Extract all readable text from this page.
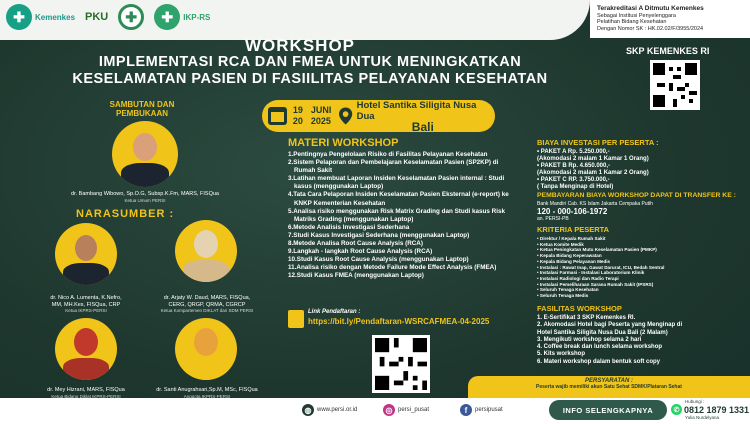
✚	Kemenkes PKU	✚	✚	IKP-RS
Terakreditasi A Ditmutu Kemenkes
Sebagai Institusi Penyelenggara
Pelatihan Bidang Kesehatan
Dengan Nomor SK : HK.02.02/F/3955/2024
WORKSHOP
IMPLEMENTASI RCA DAN FMEA UNTUK MENINGKATKAN
KESELAMATAN PASIEN DI FASIILITAS PELAYANAN KESEHATAN
SKP KEMENKES RI
SAMBUTAN DAN
PEMBUKAAN
dr. Bambang Wibowo, Sp.O.G, Subsp.K.Fm, MARS, FISQua
Ketua Umum PERSI
NARASUMBER :
dr. Nico A. Lumenta, K.Nefro,
MM, MH.Kes, FISQua, CRP
Ketua IKPRS-PERSI
dr. Arjaty W. Daud, MARS, FISQua,
CERG, QRGP, QRMA, CGRCP
Ketua Kompartemen DIKLAT dan SDM PERSI
dr. Mey Hizrani, MARS, FISQua
Ketua Bidang Diklat IKPRS-PERSI
dr. Santi Anugrahsari,Sp.M, MSc, FISQua
Anggota IKPRS-PERSI
19
20
JUNI
2025
Hotel Santika Siligita Nusa Dua
Bali
MATERI WORKSHOP
1.Pentingnya Pengelolaan Risiko di Fasilitas Pelayanan Kesehatan
2.Sistem Pelaporan dan Pembelajaran Keselamatan Pasien (SP2KP) di
Rumah Sakit
3.Latihan membuat Laporan Insiden Keselamatan Pasien internal : Studi
kasus (menggunakan Laptop)
4.Tata Cara Pelaporan Insiden Keselamatan Pasien Eksternal (e-report) ke
KNKP Kementerian Kesehatan
5.Analisa risiko menggunakan Risk Matrix Grading dan Studi kasus Risk
Matriks Grading (menggunakan Laptop)
6.Metode Analisis Investigasi Sederhana
7.Studi Kasus Investigasi Sederhana (menggunakan Laptop)
8.Metode Analisa Root Cause Analysis (RCA)
9.Langkah - langkah Root Cause Analysis (RCA)
10.Studi Kasus Root Cause Analysis (menggunakan Laptop)
11.Analisa risiko dengan Metode Failure Mode Effect Analysis (FMEA)
12.Studi Kasus FMEA (menggunakan Laptop)
Link Pendaftaran :
https://bit.ly/Pendaftaran-WSRCAFMEA-04-2025
BIAYA INVESTASI PER PESERTA :
• PAKET A Rp. 5.250.000,-
(Akomodasi 2 malam 1 Kamar 1 Orang)
• PAKET B Rp. 4.650.000,-
(Akomodasi 2 malam 1 Kamar 2 Orang)
• PAKET C RP. 3.750.000,-
( Tanpa Menginap di Hotel)
PEMBAYARAN BIAYA WORKSHOP DAPAT DI TRANSFER KE :
Bank Mandiri Cab. KS Islam Jakarta Cempaka Putih
120 - 000-106-1972
an. PERSI-PB
KRITERIA PESERTA
• Direktur / Kepala Rumah Sakit
• Ketua Komite Medik
• Ketua Peningkatan Mutu Keselamatan Pasien (PMKP)
• Kepala Bidang Keperawatan
• Kepala Bidang Pelayanan Medis
• Instalasi : Rawat Inap, Gawat Darurat, ICU, Bedah Sentral
• Instalasi Farmasi - Instalasi Laboratorium Klinik
• Instalasi Radiologi dan Radio Terapi
• Instalasi Pemeliharaan Sarana Rumah Sakit (IPSRS)
• Seluruh Tenaga Kesehatan
• Seluruh Tenaga Medis
FASILITAS WORKSHOP
1. E-Sertifikat 3 SKP Kemenkes RI.
2. Akomodasi Hotel bagi Peserta yang Menginap di
Hotel Santika Siligita Nusa Dua Bali (2 Malam)
3. Mengikuti workshop selama 2 hari
4. Coffee break dan lunch selama workshop
5. Kits workshop
6. Materi workshop dalam bentuk soft copy
PERSYARATAN :
Peserta wajib memiliki akun Satu Sehat SDMK/Plataran Sehat
◍ www.persi.or.id	◎ persi_pusat	f	persipusat	INFO SELENGKAPNYA
Hubungi :
✆ 0812 1879 1331
Yulia Nurdelyana
